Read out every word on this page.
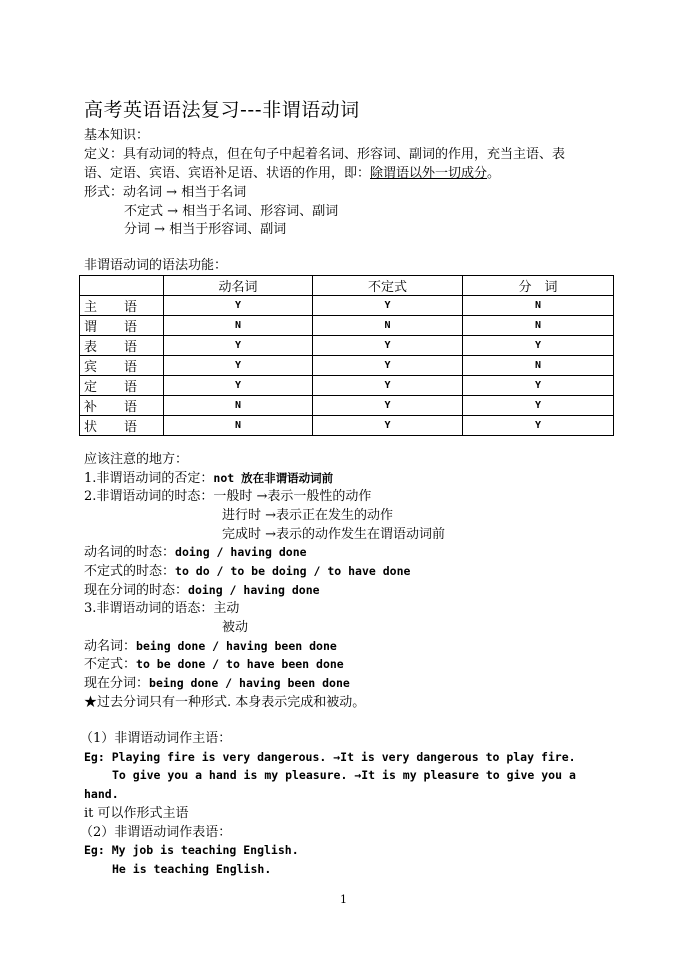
高考英语语法复习---非谓语动词
基本知识：
定义：具有动词的特点，但在句子中起着名词、形容词、副词的作用，充当主语、表
语、定语、宾语、宾语补足语、状语的作用，即：除谓语以外一切成分。
形式：动名词 → 相当于名词
不定式 → 相当于名词、形容词、副词
分词 → 相当于形容词、副词
非谓语动词的语法功能：
	动名词	不定式	分　词
主 语	Y	Y	N
谓 语	N	N	N
表 语	Y	Y	Y
宾 语	Y	Y	N
定 语	Y	Y	Y
补 语	N	Y	Y
状 语	N	Y	Y
应该注意的地方：
1.非谓语动词的否定：not 放在非谓语动词前
2.非谓语动词的时态：一般时 →表示一般性的动作
进行时 →表示正在发生的动作
完成时 →表示的动作发生在谓语动词前
动名词的时态：doing / having done
不定式的时态：to do / to be doing / to have done
现在分词的时态：doing / having done
3.非谓语动词的语态：主动
被动
动名词：being done / having been done
不定式：to be done / to have been done
现在分词：being done / having been done
★过去分词只有一种形式. 本身表示完成和被动。
（1）非谓语动词作主语：
Eg: Playing fire is very dangerous. →It is very dangerous to play fire.
To give you a hand is my pleasure. →It is my pleasure to give you a
hand.
it 可以作形式主语
（2）非谓语动词作表语：
Eg: My job is teaching English.
He is teaching English.
1
